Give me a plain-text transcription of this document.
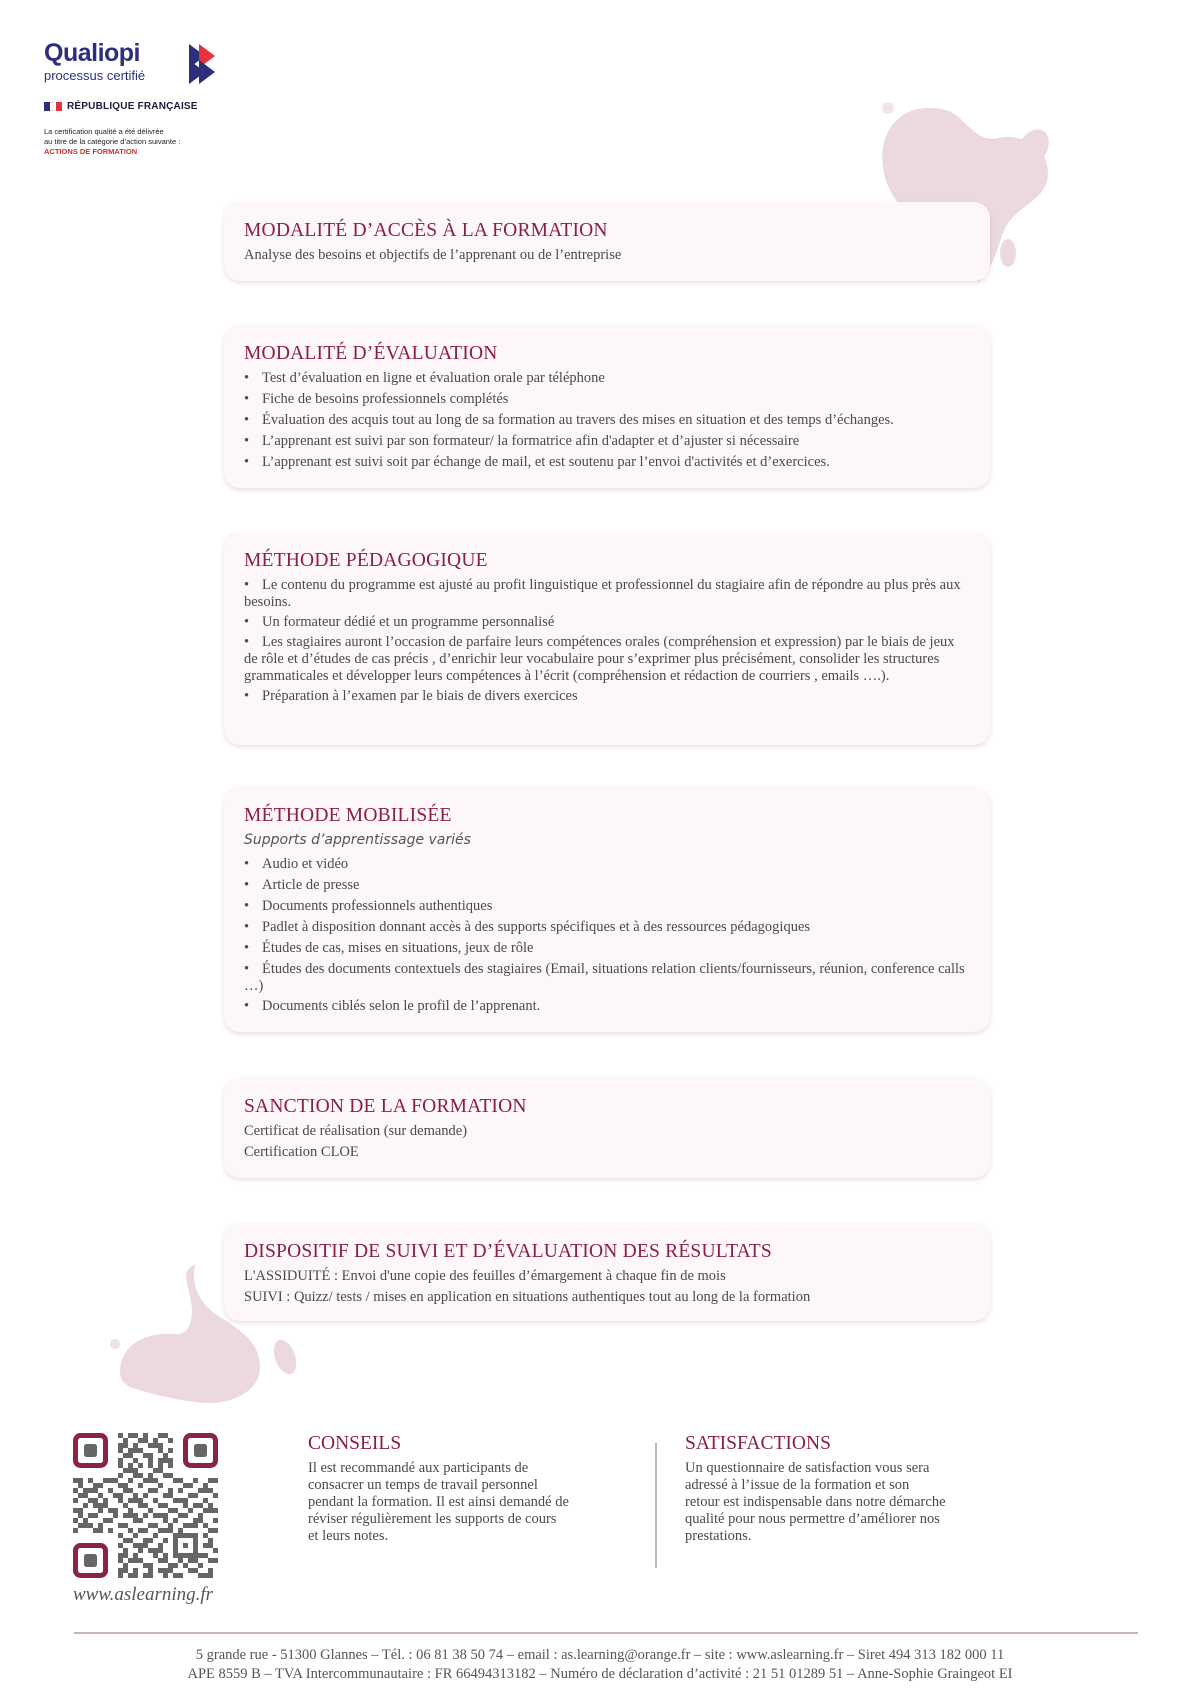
Qualiopi
processus certifié
RÉPUBLIQUE FRANÇAISE
La certification qualité a été délivrée
au titre de la catégorie d’action suivante :
ACTIONS DE FORMATION
MODALITÉ D’ACCÈS À LA FORMATION
Analyse des besoins et objectifs de l’apprenant ou de l’entreprise
MODALITÉ D’ÉVALUATION
• Test d’évaluation en ligne et évaluation orale par téléphone
• Fiche de besoins professionnels complétés
• Évaluation des acquis tout au long de sa formation au travers des mises en situation et des temps d’échanges.
• L’apprenant est suivi par son formateur/ la formatrice afin d'adapter et d’ajuster si nécessaire
• L’apprenant est suivi soit par échange de mail, et est soutenu par l’envoi d'activités et d’exercices.
MÉTHODE PÉDAGOGIQUE
• Le contenu du programme est ajusté au profit linguistique et professionnel du stagiaire afin de répondre au plus près aux besoins.
• Un formateur dédié et un programme personnalisé
• Les stagiaires auront l’occasion de parfaire leurs compétences orales (compréhension et expression) par le biais de jeux de rôle et d’études de cas précis , d’enrichir leur vocabulaire pour s’exprimer plus précisément, consolider les structures grammaticales et développer leurs compétences à l’écrit (compréhension et rédaction de courriers , emails ….).
• Préparation à l’examen par le biais de divers exercices
MÉTHODE MOBILISÉE
Supports d’apprentissage variés
• Audio et vidéo
• Article de presse
• Documents professionnels authentiques
• Padlet à disposition donnant accès à des supports spécifiques et à des ressources pédagogiques
• Études de cas, mises en situations, jeux de rôle
• Études des documents contextuels des stagiaires (Email, situations relation clients/fournisseurs, réunion, conference calls …)
• Documents ciblés selon le profil de l’apprenant.
SANCTION DE LA FORMATION
Certificat de réalisation (sur demande)
Certification CLOE
DISPOSITIF DE SUIVI ET D’ÉVALUATION DES RÉSULTATS
L'ASSIDUITÉ : Envoi d'une copie des feuilles d’émargement à chaque fin de mois
SUIVI : Quizz/ tests / mises en application en situations authentiques tout au long de la formation
www.aslearning.fr
CONSEILS
Il est recommandé aux participants de
consacrer un temps de travail personnel
pendant la formation. Il est ainsi demandé de
réviser régulièrement les supports de cours
et leurs notes.
SATISFACTIONS
Un questionnaire de satisfaction vous sera
adressé à l’issue de la formation et son
retour est indispensable dans notre démarche
qualité pour nous permettre d’améliorer nos
prestations.
5 grande rue - 51300 Glannes – Tél. : 06 81 38 50 74 – email : as.learning@orange.fr – site : www.aslearning.fr – Siret 494 313 182 000 11
APE 8559 B – TVA Intercommunautaire : FR 66494313182 – Numéro de déclaration d’activité : 21 51 01289 51 – Anne-Sophie Graingeot EI
